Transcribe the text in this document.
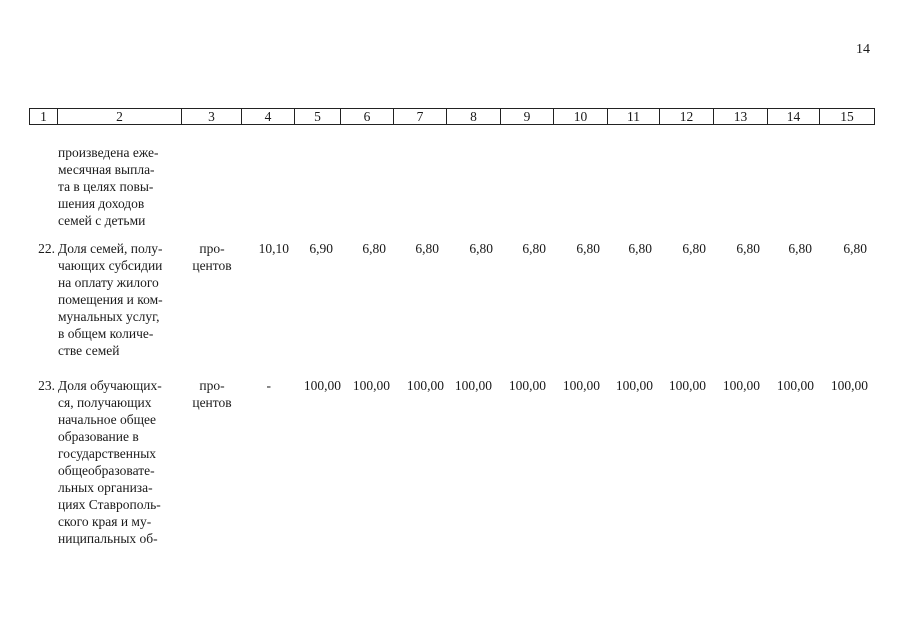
14
1	2	3	4	5	6	7	8	9	10	11	12	13	14	15
произведена еже-
месячная выпла-
та в целях повы-
шения доходов
семей с детьми
22. Доля семей, полу-
чающих субсидии
на оплату жилого
помещения и ком-
мунальных услуг,
в общем количе-
стве семей
про-
центов
10,10	6,90	6,80	6,80	6,80	6,80	6,80	6,80	6,80	6,80	6,80	6,80
23. Доля обучающих-
ся, получающих
начальное общее
образование в
государственных
общеобразовате-
льных организа-
циях Ставрополь-
ского края и му-
ниципальных об-
про-
центов
-	100,00 100,00	100,00 100,00	100,00	100,00	100,00	100,00	100,00	100,00	100,00
